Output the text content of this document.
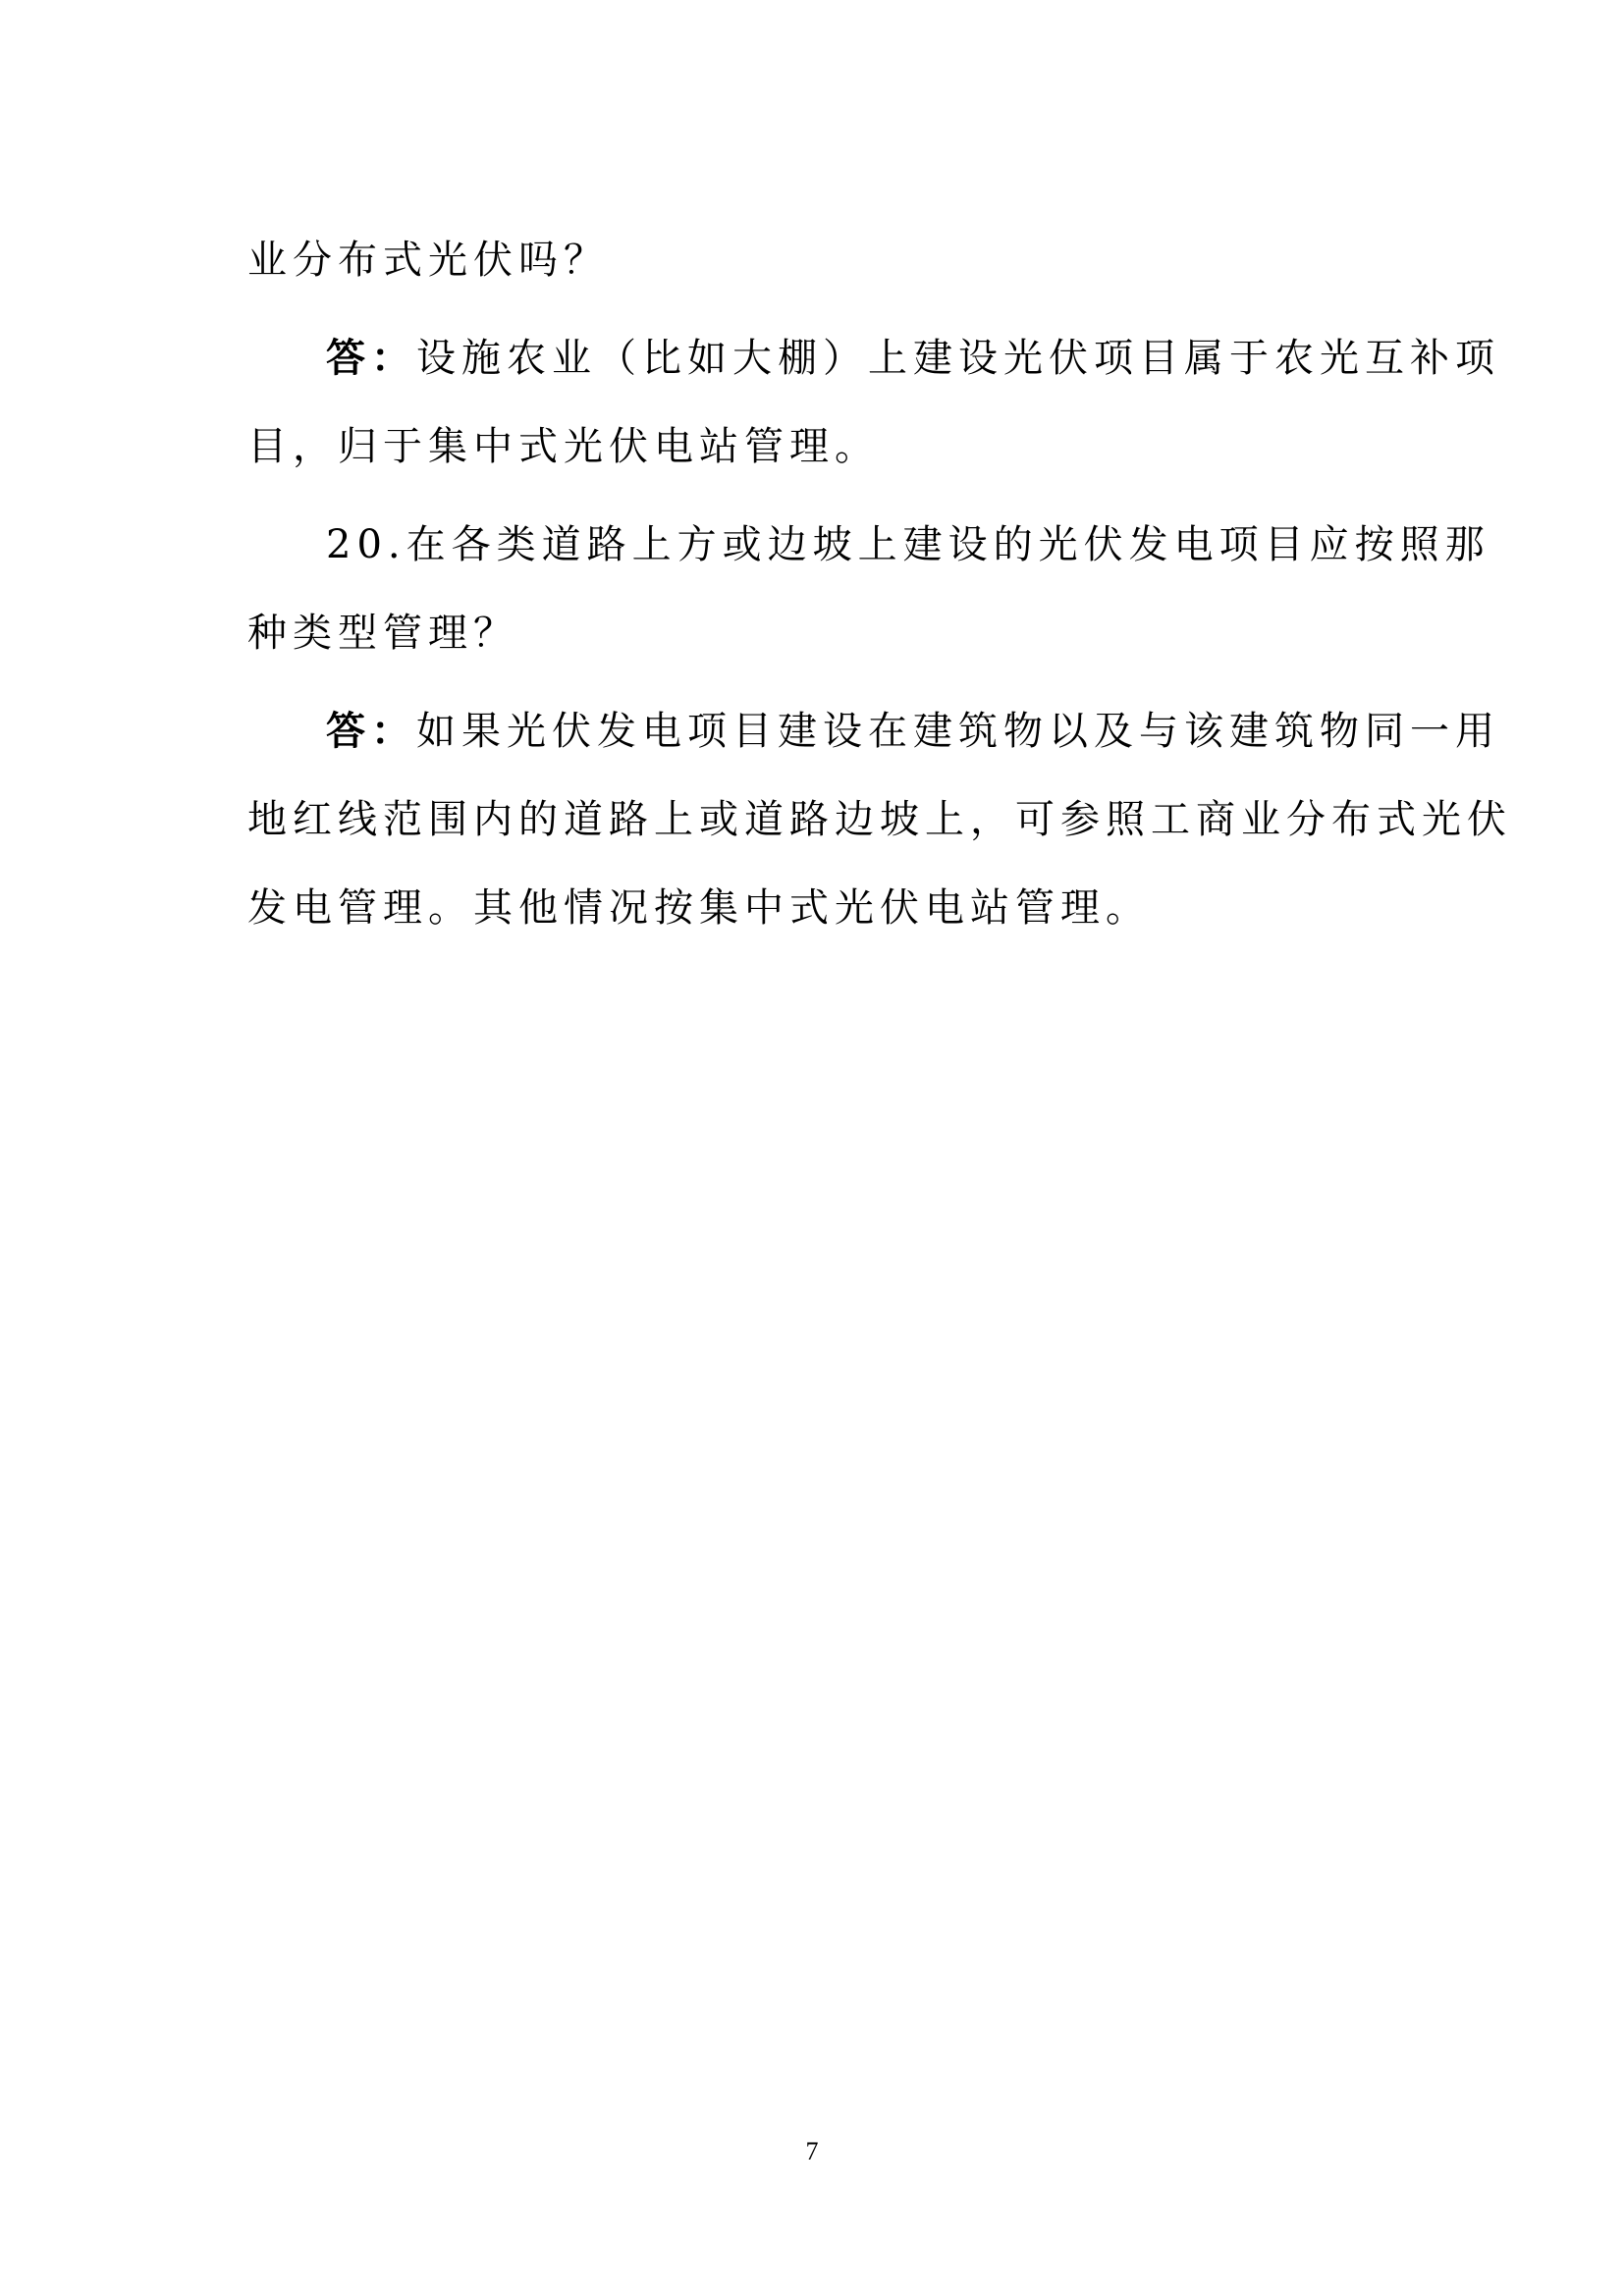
业分布式光伏吗？

答：设施农业（比如大棚）上建设光伏项目属于农光互补项
目，归于集中式光伏电站管理。

20.在各类道路上方或边坡上建设的光伏发电项目应按照那
种类型管理？

答：如果光伏发电项目建设在建筑物以及与该建筑物同一用
地红线范围内的道路上或道路边坡上，可参照工商业分布式光伏
发电管理。其他情况按集中式光伏电站管理。

7
